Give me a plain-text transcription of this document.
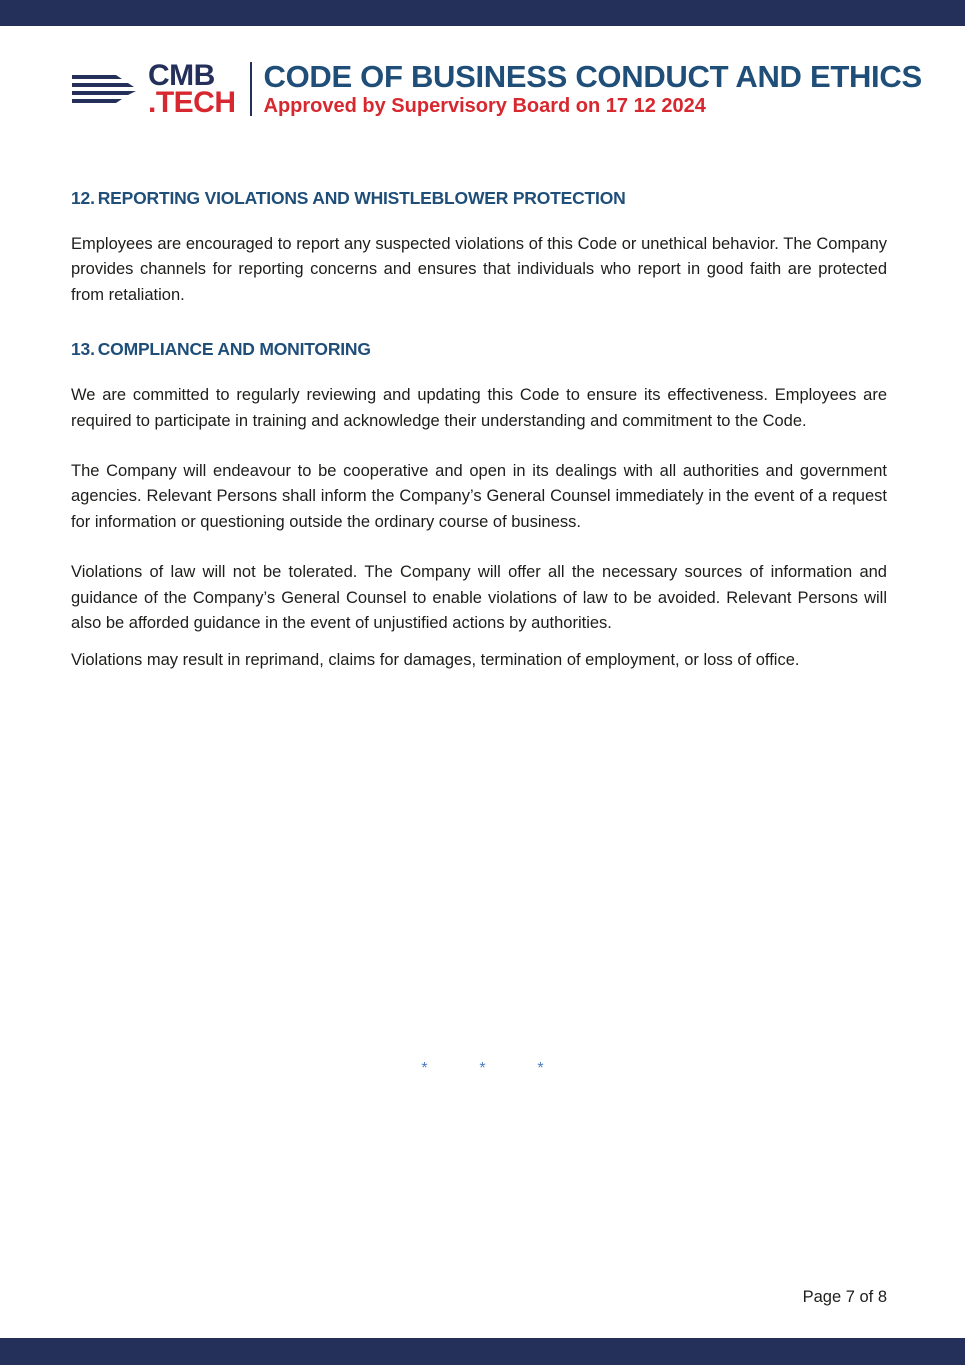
CMB
.TECH
CODE OF BUSINESS CONDUCT AND ETHICS
Approved by Supervisory Board on 17 12 2024
12. REPORTING VIOLATIONS AND WHISTLEBLOWER PROTECTION

Employees are encouraged to report any suspected violations of this Code or unethical behavior. The Company provides channels for reporting concerns and ensures that individuals who report in good faith are protected from retaliation.

13. COMPLIANCE AND MONITORING

We are committed to regularly reviewing and updating this Code to ensure its effectiveness. Employees are required to participate in training and acknowledge their understanding and commitment to the Code.

The Company will endeavour to be cooperative and open in its dealings with all authorities and government agencies. Relevant Persons shall inform the Company’s General Counsel immediately in the event of a request for information or questioning outside the ordinary course of business.

Violations of law will not be tolerated. The Company will offer all the necessary sources of information and guidance of the Company’s General Counsel to enable violations of law to be avoided. Relevant Persons will also be afforded guidance in the event of unjustified actions by authorities.

Violations may result in reprimand, claims for damages, termination of employment, or loss of office.

*	*	*
Page 7 of 8
